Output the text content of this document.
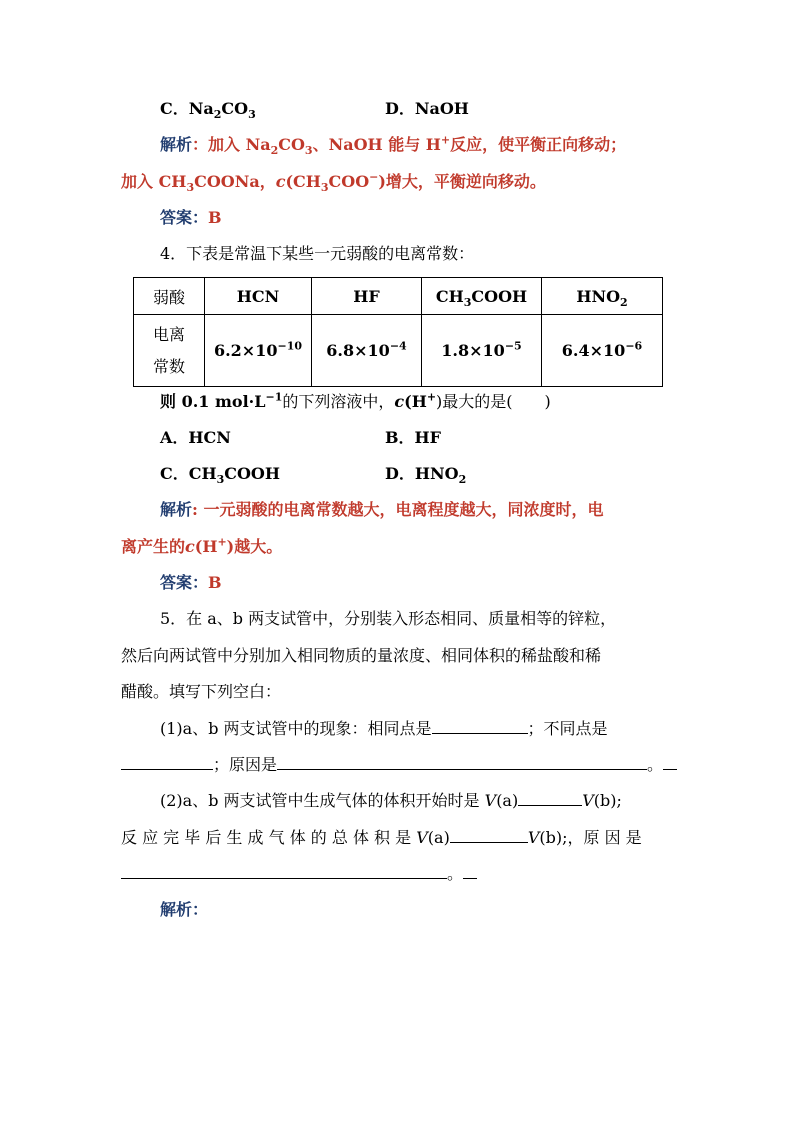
C．$Na_2CO_3$	D．NaOH
解析：加入 $Na_2CO_3$、NaOH 能与 H+反应，使平衡正向移动；
加入 $CH_3COONa$，$c(CH_3COO^-)$增大，平衡逆向移动。
答案：B
4．下表是常温下某些一元弱酸的电离常数：
弱酸	HCN	HF	$CH_3COOH$	$HNO_2$
电离
常数	$6.2\times 10^{-10}$	$6.8\times 10^{-4}$	$1.8\times 10^{-5}$	$6.4\times 10^{-6}$
则 0.1 $mol\cdot L^{-1}$的下列溶液中，c(H+)最大的是(　　)
A．HCN	B．HF
C．$CH_3COOH$	D．$HNO_2$
解析: 一元弱酸的电离常数越大，电离程度越大，同浓度时，电
离产生的c(H+)越大。
答案：B
5．在 a、b 两支试管中，分别装入形态相同、质量相等的锌粒，
然后向两试管中分别加入相同物质的量浓度、相同体积的稀盐酸和稀
醋酸。填写下列空白：
(1)a、b 两支试管中的现象：相同点是	；不同点是
；原因是	。
(2)a、b 两支试管中生成气体的体积开始时是 V(a)	V(b);
反 应 完 毕 后 生 成 气 体 的 总 体 积 是 V(a)	V(b);，原 因 是
。
解析：
